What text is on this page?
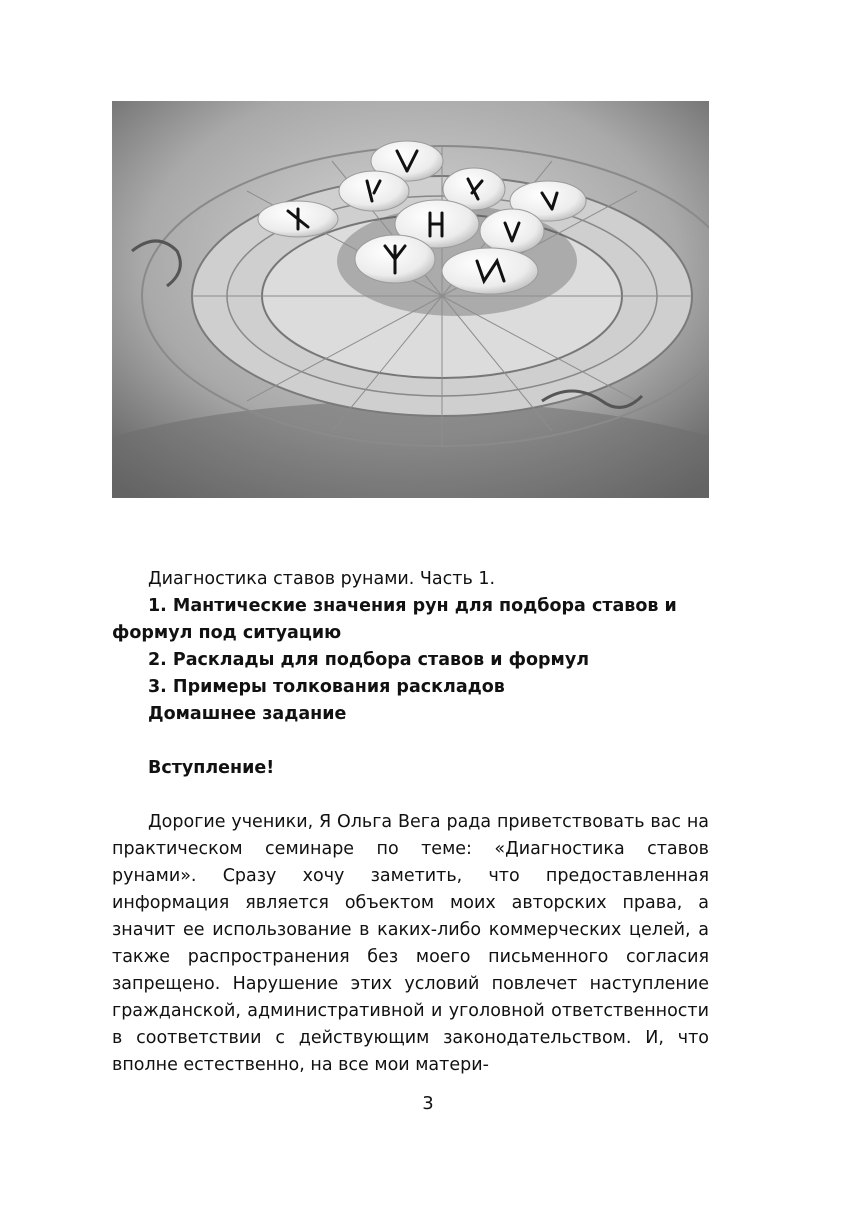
Диагностика ставов рунами. Часть 1.

1. Мантические значения рун для подбора ставов и формул под ситуацию

2. Расклады для подбора ставов и формул

3. Примеры толкования раскладов

Домашнее задание

Вступление!

Дорогие ученики, Я Ольга Вега рада приветствовать вас на практическом семинаре по теме: «Диагностика ставов рунами». Сразу хочу заметить, что предоставленная информация является объектом моих авторских права, а значит ее использование в каких-либо коммерческих целей, а также распространения без моего письменного согласия запрещено. Нарушение этих условий повлечет наступление гражданской, административной и уголовной ответственности в соответствии с действующим законодательством. И, что вполне естественно, на все мои матери-

3
